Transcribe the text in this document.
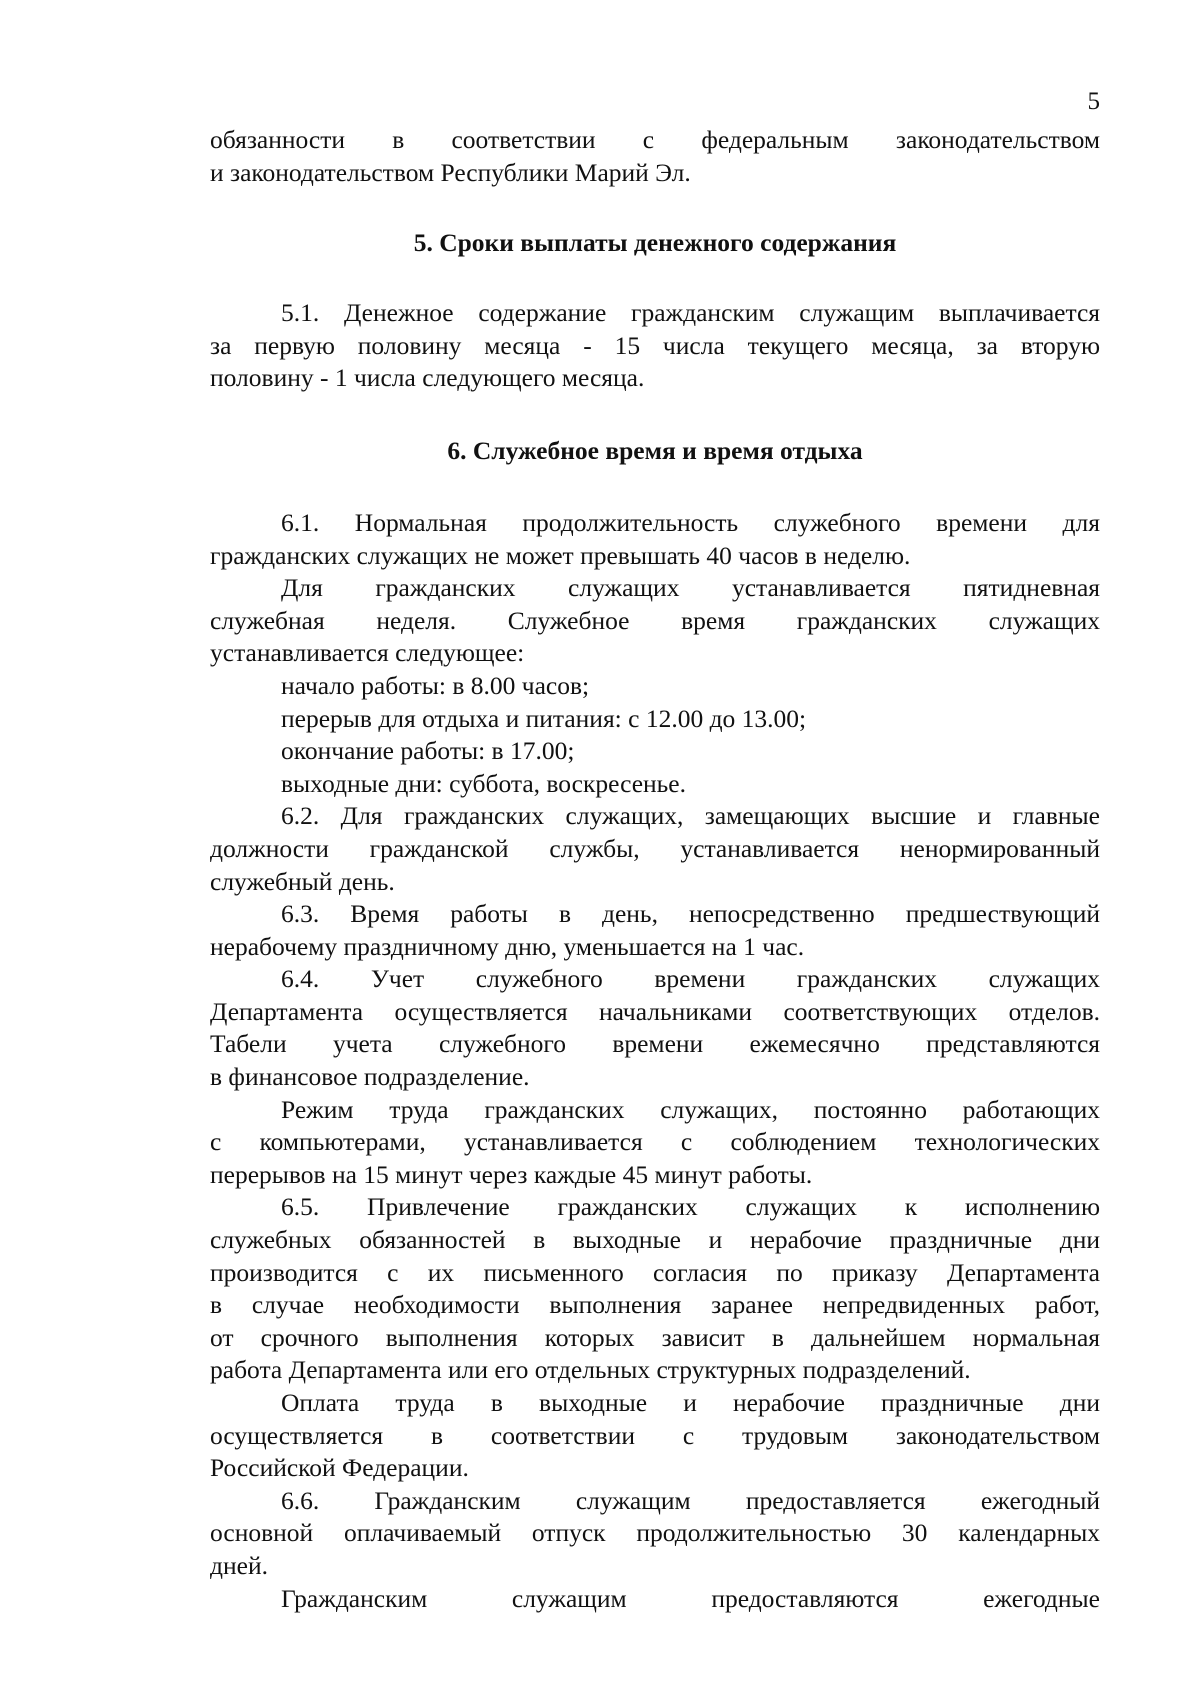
5

обязанности в соответствии с федеральным законодательством
и законодательством Республики Марий Эл.

5. Сроки выплаты денежного содержания

5.1. Денежное содержание гражданским служащим выплачивается
за первую половину месяца - 15 числа текущего месяца, за вторую
половину - 1 числа следующего месяца.

6. Служебное время и время отдыха

6.1. Нормальная продолжительность служебного времени для
гражданских служащих не может превышать 40 часов в неделю.

Для гражданских служащих устанавливается пятидневная
служебная неделя. Служебное время гражданских служащих
устанавливается следующее:

начало работы: в 8.00 часов;
перерыв для отдыха и питания: с 12.00 до 13.00;
окончание работы: в 17.00;
выходные дни: суббота, воскресенье.

6.2. Для гражданских служащих, замещающих высшие и главные
должности гражданской службы, устанавливается ненормированный
служебный день.

6.3. Время работы в день, непосредственно предшествующий
нерабочему праздничному дню, уменьшается на 1 час.

6.4. Учет служебного времени гражданских служащих
Департамента осуществляется начальниками соответствующих отделов.
Табели учета служебного времени ежемесячно представляются
в финансовое подразделение.

Режим труда гражданских служащих, постоянно работающих
с компьютерами, устанавливается с соблюдением технологических
перерывов на 15 минут через каждые 45 минут работы.

6.5. Привлечение гражданских служащих к исполнению
служебных обязанностей в выходные и нерабочие праздничные дни
производится с их письменного согласия по приказу Департамента
в случае необходимости выполнения заранее непредвиденных работ,
от срочного выполнения которых зависит в дальнейшем нормальная
работа Департамента или его отдельных структурных подразделений.

Оплата труда в выходные и нерабочие праздничные дни
осуществляется в соответствии с трудовым законодательством
Российской Федерации.

6.6. Гражданским служащим предоставляется ежегодный
основной оплачиваемый отпуск продолжительностью 30 календарных
дней.

Гражданским служащим предоставляются ежегодные
